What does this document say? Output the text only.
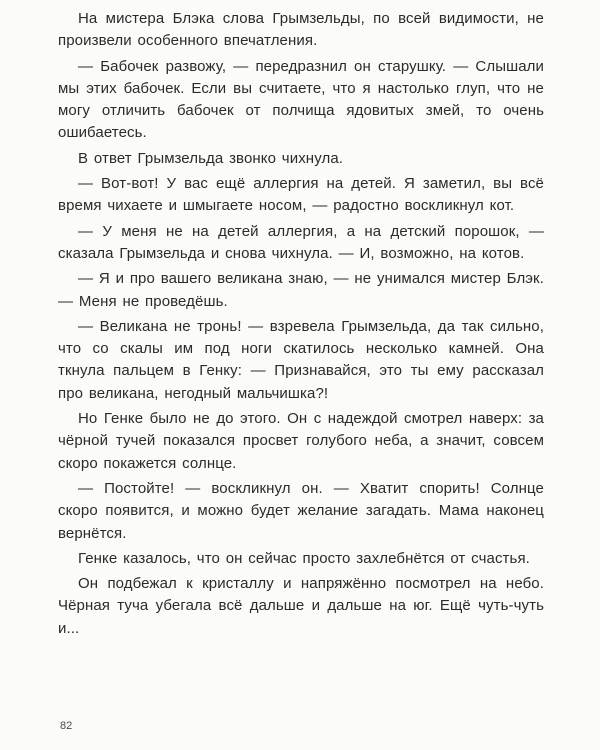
На мистера Блэка слова Грымзельды, по всей видимости, не произвели особенного впечатления.

— Бабочек развожу, — передразнил он старушку. — Слышали мы этих бабочек. Если вы считаете, что я настолько глуп, что не могу отличить бабочек от полчища ядовитых змей, то очень ошибаетесь.

В ответ Грымзельда звонко чихнула.

— Вот-вот! У вас ещё аллергия на детей. Я заметил, вы всё время чихаете и шмыгаете носом, — радостно воскликнул кот.

— У меня не на детей аллергия, а на детский порошок, — сказала Грымзельда и снова чихнула. — И, возможно, на котов.

— Я и про вашего великана знаю, — не унимался мистер Блэк. — Меня не проведёшь.

— Великана не тронь! — взревела Грымзельда, да так сильно, что со скалы им под ноги скатилось несколько камней. Она ткнула пальцем в Генку: — Признавайся, это ты ему рассказал про великана, негодный мальчишка?!

Но Генке было не до этого. Он с надеждой смотрел наверх: за чёрной тучей показался просвет голубого неба, а значит, совсем скоро покажется солнце.

— Постойте! — воскликнул он. — Хватит спорить! Солнце скоро появится, и можно будет желание загадать. Мама наконец вернётся.

Генке казалось, что он сейчас просто захлебнётся от счастья.

Он подбежал к кристаллу и напряжённо посмотрел на небо. Чёрная туча убегала всё дальше и дальше на юг. Ещё чуть-чуть и...

82
